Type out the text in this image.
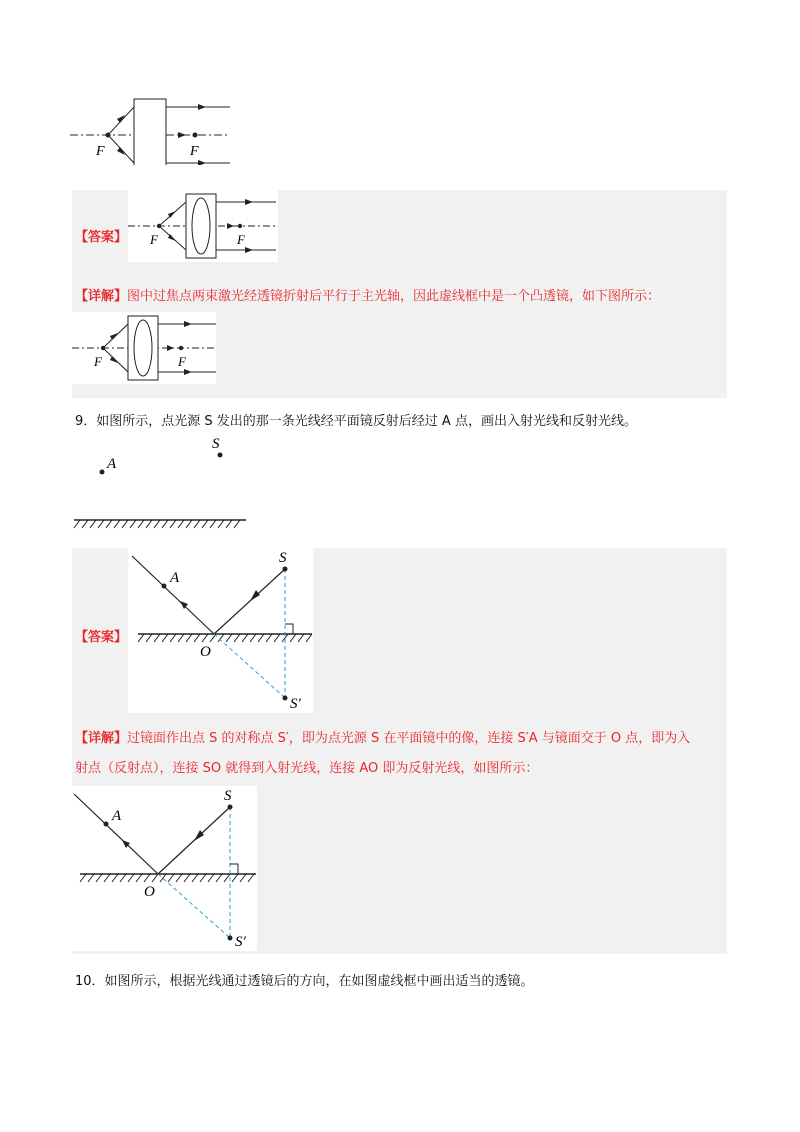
F	F
【答案】 F	F
【详解】图中过焦点两束激光经透镜折射后平行于主光轴，因此虚线框中是一个凸透镜，如下图所示：
F	F
9．如图所示，点光源 S 发出的那一条光线经平面镜反射后经过 A 点，画出入射光线和反射光线。
A
S
【答案】
S
A
O
S′
【详解】过镜面作出点 S 的对称点 S′，即为点光源 S 在平面镜中的像，连接 S′A 与镜面交于 O 点，即为入
射点（反射点），连接 SO 就得到入射光线，连接 AO 即为反射光线，如图所示：
S
A
O
S′
10．如图所示，根据光线通过透镜后的方向，在如图虚线框中画出适当的透镜。
